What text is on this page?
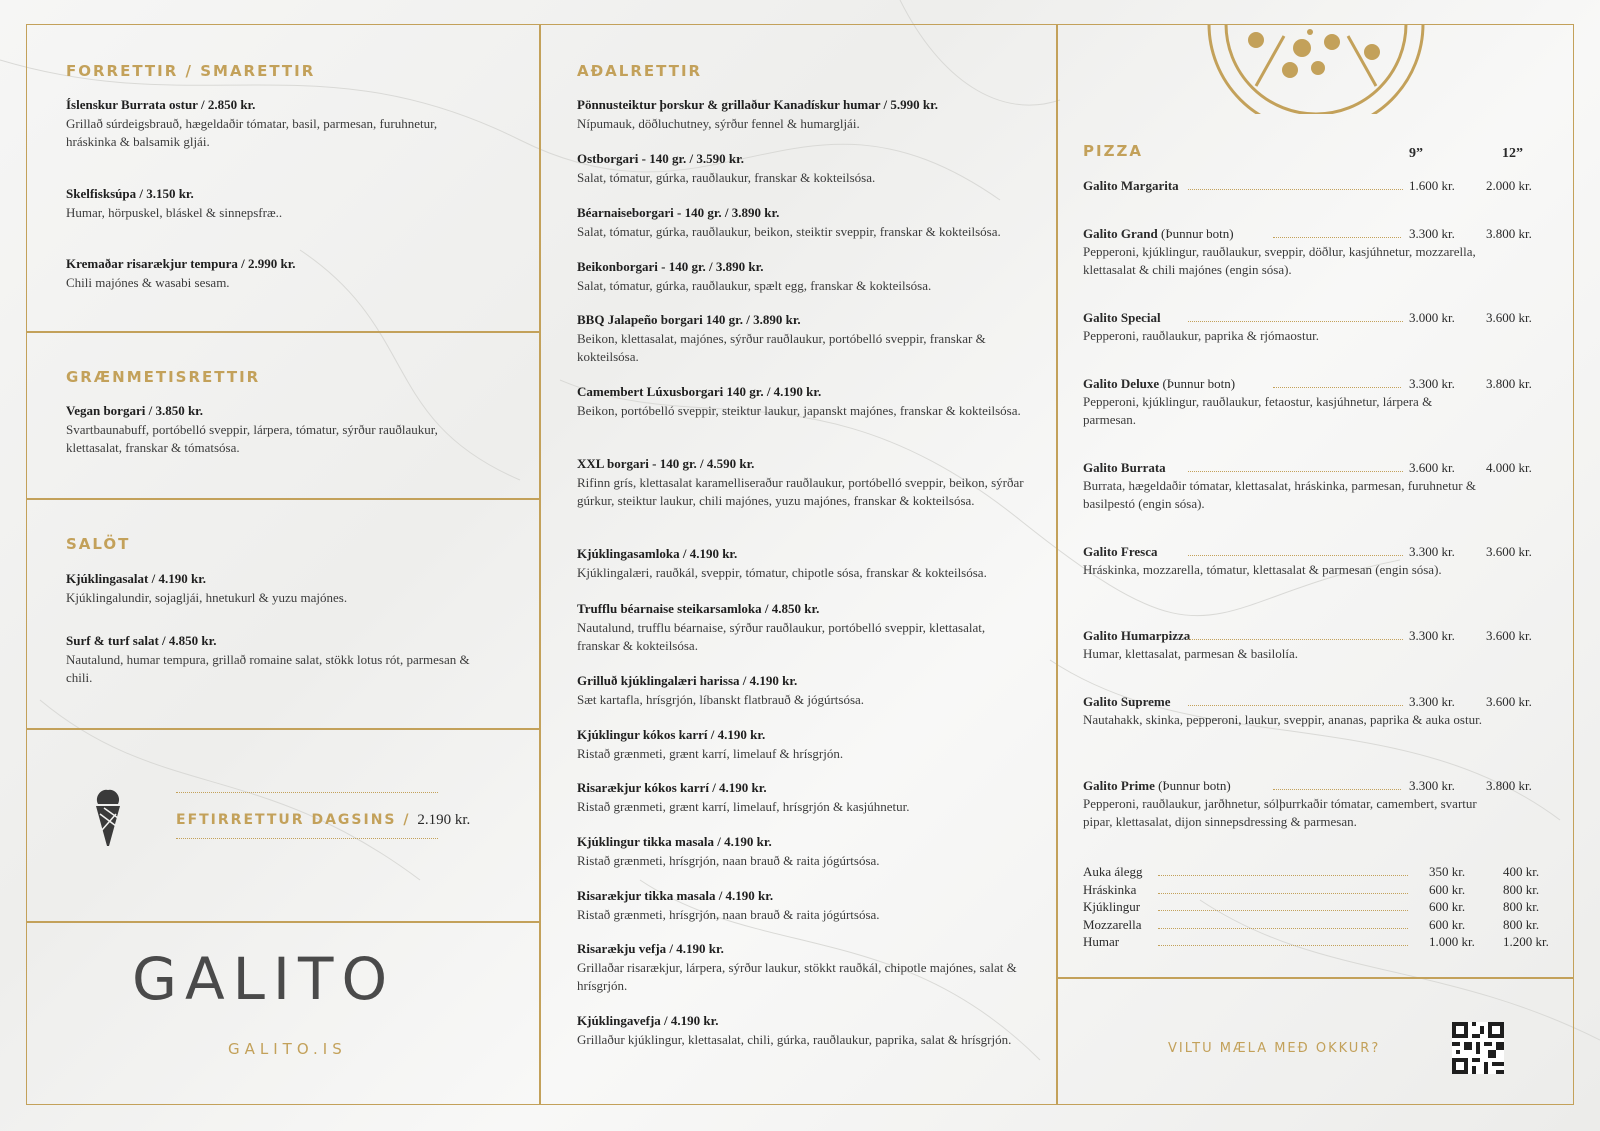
FORRETTIR / SMARETTIR
Íslenskur Burrata ostur / 2.850 kr.
Grillað súrdeigsbrauð, hægeldaðir tómatar, basil, parmesan, furuhnetur, hráskinka & balsamik gljái.
Skelfisksúpa / 3.150 kr.
Humar, hörpuskel, bláskel & sinnepsfræ..
Kremaðar risarækjur tempura / 2.990 kr.
Chili majónes & wasabi sesam.
GRÆNMETISRETTIR
Vegan borgari / 3.850 kr.
Svartbaunabuff, portóbelló sveppir, lárpera, tómatur, sýrður rauðlaukur, klettasalat, franskar & tómatsósa.
SALÖT
Kjúklingasalat / 4.190 kr.
Kjúklingalundir, sojagljái, hnetukurl & yuzu majónes.
Surf & turf salat / 4.850 kr.
Nautalund, humar tempura, grillað romaine salat, stökk lotus rót, parmesan & chili.
EFTIRRETTUR DAGSINS / 2.190 kr.
GALITO
GALITO.IS
AÐALRETTIR
Pönnusteiktur þorskur & grillaður Kanadískur humar / 5.990 kr.
Nípumauk, döðluchutney, sýrður fennel & humargljái.
Ostborgari - 140 gr. / 3.590 kr.
Salat, tómatur, gúrka, rauðlaukur, franskar & kokteilsósa.
Béarnaiseborgari - 140 gr. / 3.890 kr.
Salat, tómatur, gúrka, rauðlaukur, beikon, steiktir sveppir, franskar & kokteilsósa.
Beikonborgari - 140 gr. / 3.890 kr.
Salat, tómatur, gúrka, rauðlaukur, spælt egg, franskar & kokteilsósa.
BBQ Jalapeño borgari 140 gr. / 3.890 kr.
Beikon, klettasalat, majónes, sýrður rauðlaukur, portóbelló sveppir, franskar & kokteilsósa.
Camembert Lúxusborgari 140 gr. / 4.190 kr.
Beikon, portóbelló sveppir, steiktur laukur, japanskt majónes, franskar & kokteilsósa.
XXL borgari - 140 gr. / 4.590 kr.
Rifinn grís, klettasalat karamelliseraður rauðlaukur, portóbelló sveppir, beikon, sýrðar gúrkur, steiktur laukur, chili majónes, yuzu majónes, franskar & kokteilsósa.
Kjúklingasamloka / 4.190 kr.
Kjúklingalæri, rauðkál, sveppir, tómatur, chipotle sósa, franskar & kokteilsósa.
Trufflu béarnaise steikarsamloka / 4.850 kr.
Nautalund, trufflu béarnaise, sýrður rauðlaukur, portóbelló sveppir, klettasalat, franskar & kokteilsósa.
Grilluð kjúklingalæri harissa / 4.190 kr.
Sæt kartafla, hrísgrjón, líbanskt flatbrauð & jógúrtsósa.
Kjúklingur kókos karrí / 4.190 kr.
Ristað grænmeti, grænt karrí, limelauf & hrísgrjón.
Risarækjur kókos karrí / 4.190 kr.
Ristað grænmeti, grænt karrí, limelauf, hrísgrjón & kasjúhnetur.
Kjúklingur tikka masala / 4.190 kr.
Ristað grænmeti, hrísgrjón, naan brauð & raita jógúrtsósa.
Risarækjur tikka masala / 4.190 kr.
Ristað grænmeti, hrísgrjón, naan brauð & raita jógúrtsósa.
Risarækju vefja / 4.190 kr.
Grillaðar risarækjur, lárpera, sýrður laukur, stökkt rauðkál, chipotle majónes, salat & hrísgrjón.
Kjúklingavefja / 4.190 kr.
Grillaður kjúklingur, klettasalat, chili, gúrka, rauðlaukur, paprika, salat & hrísgrjón.
PIZZA	9”	12”
Galito Margarita	1.600 kr. 2.000 kr.
Galito Grand (Þunnur botn)	3.300 kr. 3.800 kr.
Pepperoni, kjúklingur, rauðlaukur, sveppir, döðlur, kasjúhnetur, mozzarella, klettasalat & chili majónes (engin sósa).
Galito Special	3.000 kr. 3.600 kr.
Pepperoni, rauðlaukur, paprika & rjómaostur.
Galito Deluxe (Þunnur botn)	3.300 kr. 3.800 kr.
Pepperoni, kjúklingur, rauðlaukur, fetaostur, kasjúhnetur, lárpera & parmesan.
Galito Burrata	3.600 kr. 4.000 kr.
Burrata, hægeldaðir tómatar, klettasalat, hráskinka, parmesan, furuhnetur & basilpestó (engin sósa).
Galito Fresca	3.300 kr. 3.600 kr.
Hráskinka, mozzarella, tómatur, klettasalat & parmesan (engin sósa).
Galito Humarpizza	3.300 kr. 3.600 kr.
Humar, klettasalat, parmesan & basilolía.
Galito Supreme	3.300 kr. 3.600 kr.
Nautahakk, skinka, pepperoni, laukur, sveppir, ananas, paprika & auka ostur.
Galito Prime (Þunnur botn)	3.300 kr. 3.800 kr.
Pepperoni, rauðlaukur, jarðhnetur, sólþurrkaðir tómatar, camembert, svartur pipar, klettasalat, dijon sinnepsdressing & parmesan.
Auka álegg	350 kr.	400 kr.
Hráskinka	600 kr.	800 kr.
Kjúklingur	600 kr.	800 kr.
Mozzarella	600 kr.	800 kr.
Humar	1.000 kr. 1.200 kr.
VILTU MÆLA MEÐ OKKUR?
